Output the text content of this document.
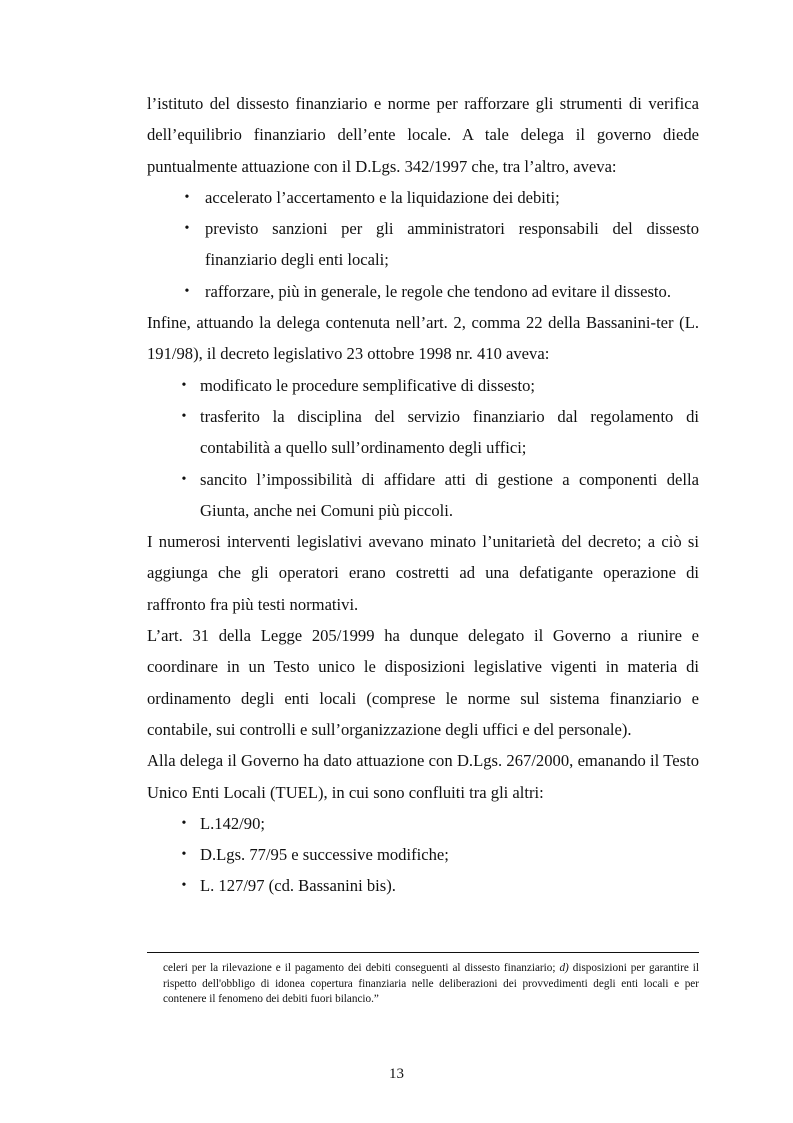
l’istituto del dissesto finanziario e norme per rafforzare gli strumenti di verifica dell’equilibrio finanziario dell’ente locale. A tale delega il governo diede puntualmente attuazione con il D.Lgs. 342/1997 che, tra l’altro, aveva:

• accelerato l’accertamento e la liquidazione dei debiti;
• previsto sanzioni per gli amministratori responsabili del dissesto finanziario degli enti locali;
• rafforzare, più in generale, le regole che tendono ad evitare il dissesto.

Infine, attuando la delega contenuta nell’art. 2, comma 22 della Bassanini-ter (L. 191/98), il decreto legislativo 23 ottobre 1998 nr. 410 aveva:

• modificato le procedure semplificative di dissesto;
• trasferito la disciplina del servizio finanziario dal regolamento di contabilità a quello sull’ordinamento degli uffici;
• sancito l’impossibilità di affidare atti di gestione a componenti della Giunta, anche nei Comuni più piccoli.

I numerosi interventi legislativi avevano minato l’unitarietà del decreto; a ciò si aggiunga che gli operatori erano costretti ad una defatigante operazione di raffronto fra più testi normativi.

L’art. 31 della Legge 205/1999 ha dunque delegato il Governo a riunire e coordinare in un Testo unico le disposizioni legislative vigenti in materia di ordinamento degli enti locali (comprese le norme sul sistema finanziario e contabile, sui controlli e sull’organizzazione degli uffici e del personale).

Alla delega il Governo ha dato attuazione con D.Lgs. 267/2000, emanando il Testo Unico Enti Locali (TUEL), in cui sono confluiti tra gli altri:

• L.142/90;
• D.Lgs. 77/95 e successive modifiche;
• L. 127/97 (cd. Bassanini bis).

celeri per la rilevazione e il pagamento dei debiti conseguenti al dissesto finanziario; d) disposizioni per garantire il rispetto dell'obbligo di idonea copertura finanziaria nelle deliberazioni dei provvedimenti degli enti locali e per contenere il fenomeno dei debiti fuori bilancio.”

13
